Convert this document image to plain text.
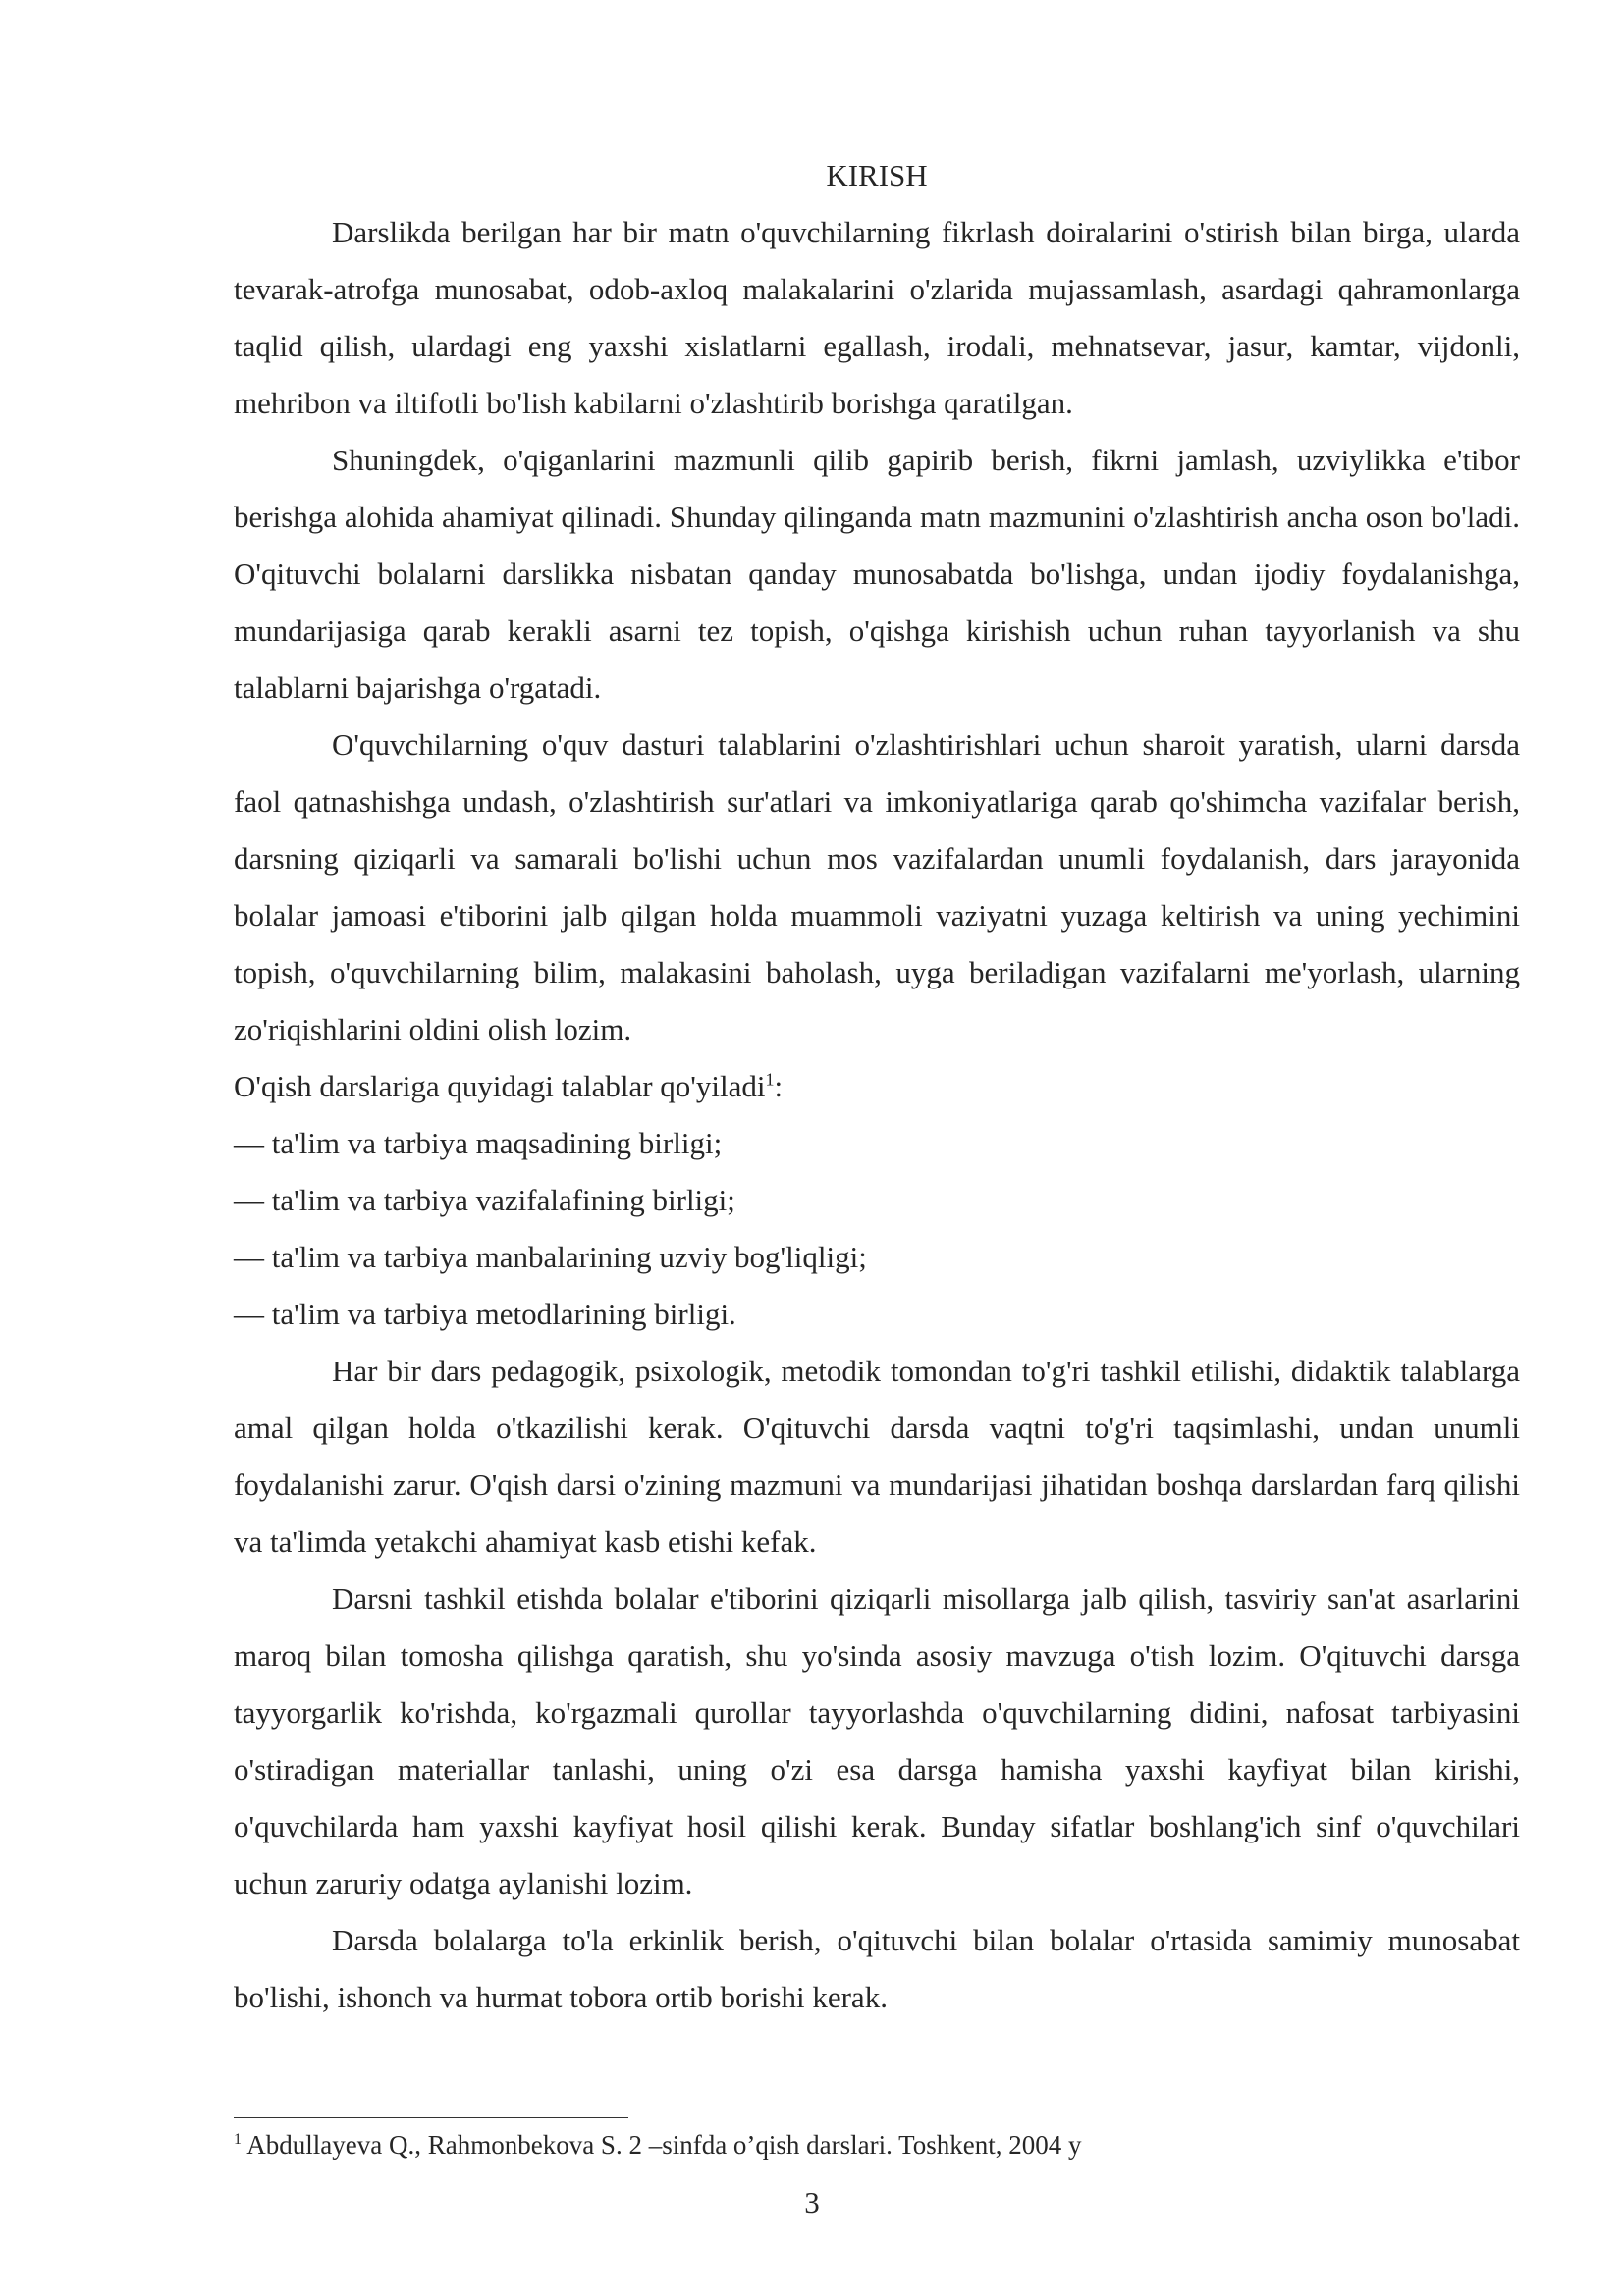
KIRISH

Darslikda berilgan har bir matn o'quvchilarning fikrlash doiralarini o'stirish bilan birga, ularda tevarak-atrofga munosabat, odob-axloq malakalarini o'zlarida mujassamlash, asardagi qahramonlarga taqlid qilish, ulardagi eng yaxshi xislatlarni egallash, irodali, mehnatsevar, jasur, kamtar, vijdonli, mehribon va iltifotli bo'lish kabilarni o'zlashtirib borishga qaratilgan.

Shuningdek, o'qiganlarini mazmunli qilib gapirib berish, fikrni jamlash, uzviylikka e'tibor berishga alohida ahamiyat qilinadi. Shunday qilinganda matn mazmunini o'zlashtirish ancha oson bo'ladi. O'qituvchi bolalarni darslikka nisbatan qanday munosabatda bo'lishga, undan ijodiy foydalanishga, mundarijasiga qarab kerakli asarni tez topish, o'qishga kirishish uchun ruhan tayyorlanish va shu talablarni bajarishga o'rgatadi.

O'quvchilarning o'quv dasturi talablarini o'zlashtirishlari uchun sharoit yaratish, ularni darsda faol qatnashishga undash, o'zlashtirish sur'atlari va imkoniyatlariga qarab qo'shimcha vazifalar berish, darsning qiziqarli va samarali bo'lishi uchun mos vazifalardan unumli foydalanish, dars jarayonida bolalar jamoasi e'tiborini jalb qilgan holda muammoli vaziyatni yuzaga keltirish va uning yechimini topish, o'quvchilarning bilim, malakasini baholash, uyga beriladigan vazifalarni me'yorlash, ularning zo'riqishlarini oldini olish lozim.

O'qish darslariga quyidagi talablar qo'yiladi$^1$:

— ta'lim va tarbiya maqsadining birligi;
— ta'lim va tarbiya vazifalafining birligi;
— ta'lim va tarbiya manbalarining uzviy bog'liqligi;
— ta'lim va tarbiya metodlarining birligi.

Har bir dars pedagogik, psixologik, metodik tomondan to'g'ri tashkil etilishi, didaktik talablarga amal qilgan holda o'tkazilishi kerak. O'qituvchi darsda vaqtni to'g'ri taqsimlashi, undan unumli foydalanishi zarur. O'qish darsi o'zining mazmuni va mundarijasi jihatidan boshqa darslardan farq qilishi va ta'limda yetakchi ahamiyat kasb etishi kefak.

Darsni tashkil etishda bolalar e'tiborini qiziqarli misollarga jalb qilish, tasviriy san'at asarlarini maroq bilan tomosha qilishga qaratish, shu yo'sinda asosiy mavzuga o'tish lozim. O'qituvchi darsga tayyorgarlik ko'rishda, ko'rgazmali qurollar tayyorlashda o'quvchilarning didini, nafosat tarbiyasini o'stiradigan materiallar tanlashi, uning o'zi esa darsga hamisha yaxshi kayfiyat bilan kirishi, o'quvchilarda ham yaxshi kayfiyat hosil qilishi kerak. Bunday sifatlar boshlang'ich sinf o'quvchilari uchun zaruriy odatga aylanishi lozim.

Darsda bolalarga to'la erkinlik berish, o'qituvchi bilan bolalar o'rtasida samimiy munosabat bo'lishi, ishonch va hurmat tobora ortib borishi kerak.

$^1$ Abdullayeva Q., Rahmonbekova S. 2 –sinfda o’qish darslari. Toshkent, 2004 y

3
